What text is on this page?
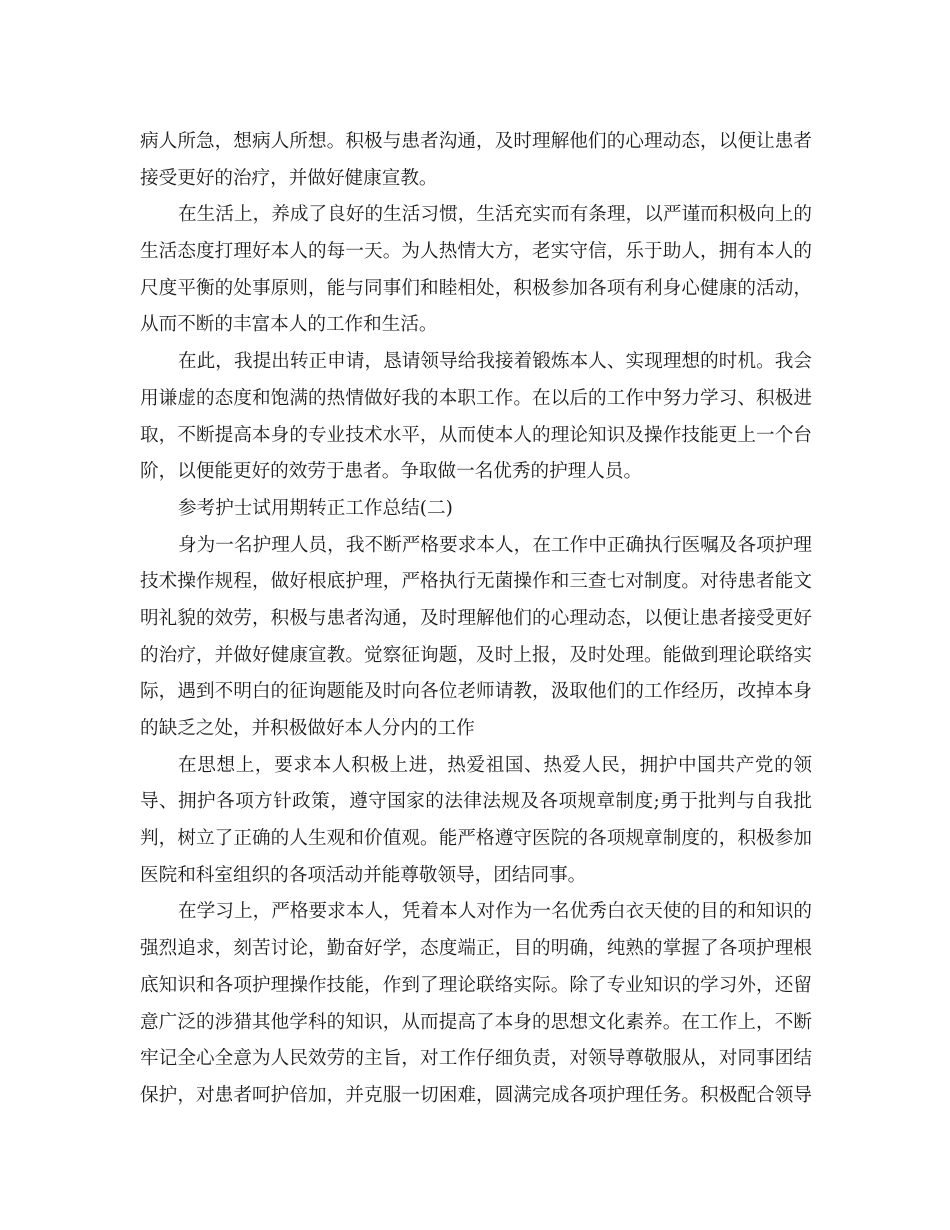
病人所急，想病人所想。积极与患者沟通，及时理解他们的心理动态，以便让患者
接受更好的治疗，并做好健康宣教。
在生活上，养成了良好的生活习惯，生活充实而有条理，以严谨而积极向上的
生活态度打理好本人的每一天。为人热情大方，老实守信，乐于助人，拥有本人的
尺度平衡的处事原则，能与同事们和睦相处，积极参加各项有利身心健康的活动，
从而不断的丰富本人的工作和生活。
在此，我提出转正申请，恳请领导给我接着锻炼本人、实现理想的时机。我会
用谦虚的态度和饱满的热情做好我的本职工作。在以后的工作中努力学习、积极进
取，不断提高本身的专业技术水平，从而使本人的理论知识及操作技能更上一个台
阶，以便能更好的效劳于患者。争取做一名优秀的护理人员。
参考护士试用期转正工作总结(二)
身为一名护理人员，我不断严格要求本人，在工作中正确执行医嘱及各项护理
技术操作规程，做好根底护理，严格执行无菌操作和三查七对制度。对待患者能文
明礼貌的效劳，积极与患者沟通，及时理解他们的心理动态，以便让患者接受更好
的治疗，并做好健康宣教。觉察征询题，及时上报，及时处理。能做到理论联络实
际，遇到不明白的征询题能及时向各位老师请教，汲取他们的工作经历，改掉本身
的缺乏之处，并积极做好本人分内的工作
在思想上，要求本人积极上进，热爱祖国、热爱人民，拥护中国共产党的领
导、拥护各项方针政策，遵守国家的法律法规及各项规章制度;勇于批判与自我批
判，树立了正确的人生观和价值观。能严格遵守医院的各项规章制度的，积极参加
医院和科室组织的各项活动并能尊敬领导，团结同事。
在学习上，严格要求本人，凭着本人对作为一名优秀白衣天使的目的和知识的
强烈追求，刻苦讨论，勤奋好学，态度端正，目的明确，纯熟的掌握了各项护理根
底知识和各项护理操作技能，作到了理论联络实际。除了专业知识的学习外，还留
意广泛的涉猎其他学科的知识，从而提高了本身的思想文化素养。在工作上，不断
牢记全心全意为人民效劳的主旨，对工作仔细负责，对领导尊敬服从，对同事团结
保护，对患者呵护倍加，并克服一切困难，圆满完成各项护理任务。积极配合领导
